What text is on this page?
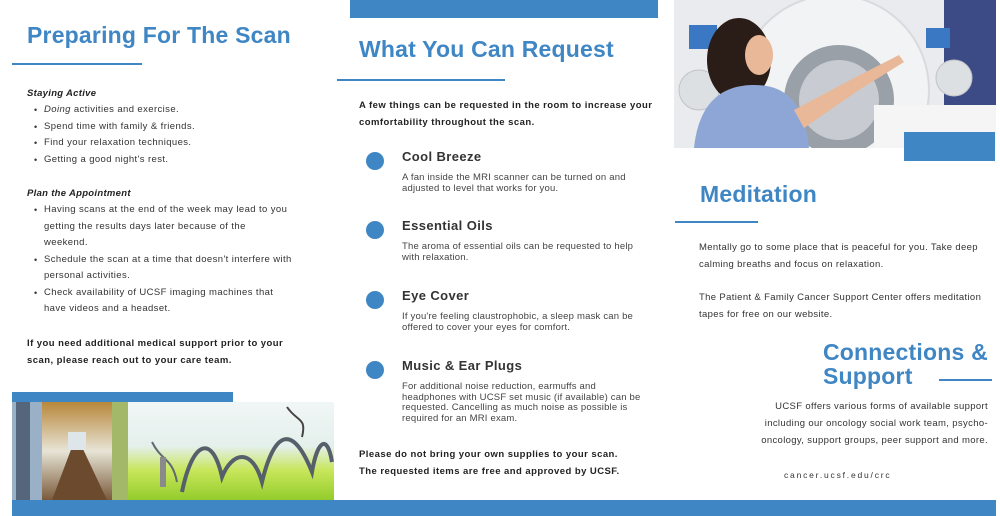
Preparing For The Scan
Staying Active
• Doing activities and exercise.
• Spend time with family & friends.
• Find your relaxation techniques.
• Getting a good night's rest.
Plan the Appointment
• Having scans at the end of the week may lead to you getting the results days later because of the weekend.
• Schedule the scan at a time that doesn't interfere with personal activities.
• Check availability of UCSF imaging machines that have videos and a headset.
If you need additional medical support prior to your scan, please reach out to your care team.
What You Can Request
A few things can be requested in the room to increase your comfortability throughout the scan.
Cool Breeze
A fan inside the MRI scanner can be turned on and adjusted to level that works for you.
Essential Oils
The aroma of essential oils can be requested to help with relaxation.
Eye Cover
If you're feeling claustrophobic, a sleep mask can be offered to cover your eyes for comfort.
Music & Ear Plugs
For additional noise reduction, earmuffs and headphones with UCSF set music (if available) can be requested. Cancelling as much noise as possible is required for an MRI exam.
Please do not bring your own supplies to your scan.
The requested items are free and approved by UCSF.
Meditation
Mentally go to some place that is peaceful for you. Take deep calming breaths and focus on relaxation.
The Patient & Family Cancer Support Center offers meditation tapes for free on our website.
Connections &
Support
UCSF offers various forms of available support including our oncology social work team, psycho-oncology, support groups, peer support and more.
cancer.ucsf.edu/crc
